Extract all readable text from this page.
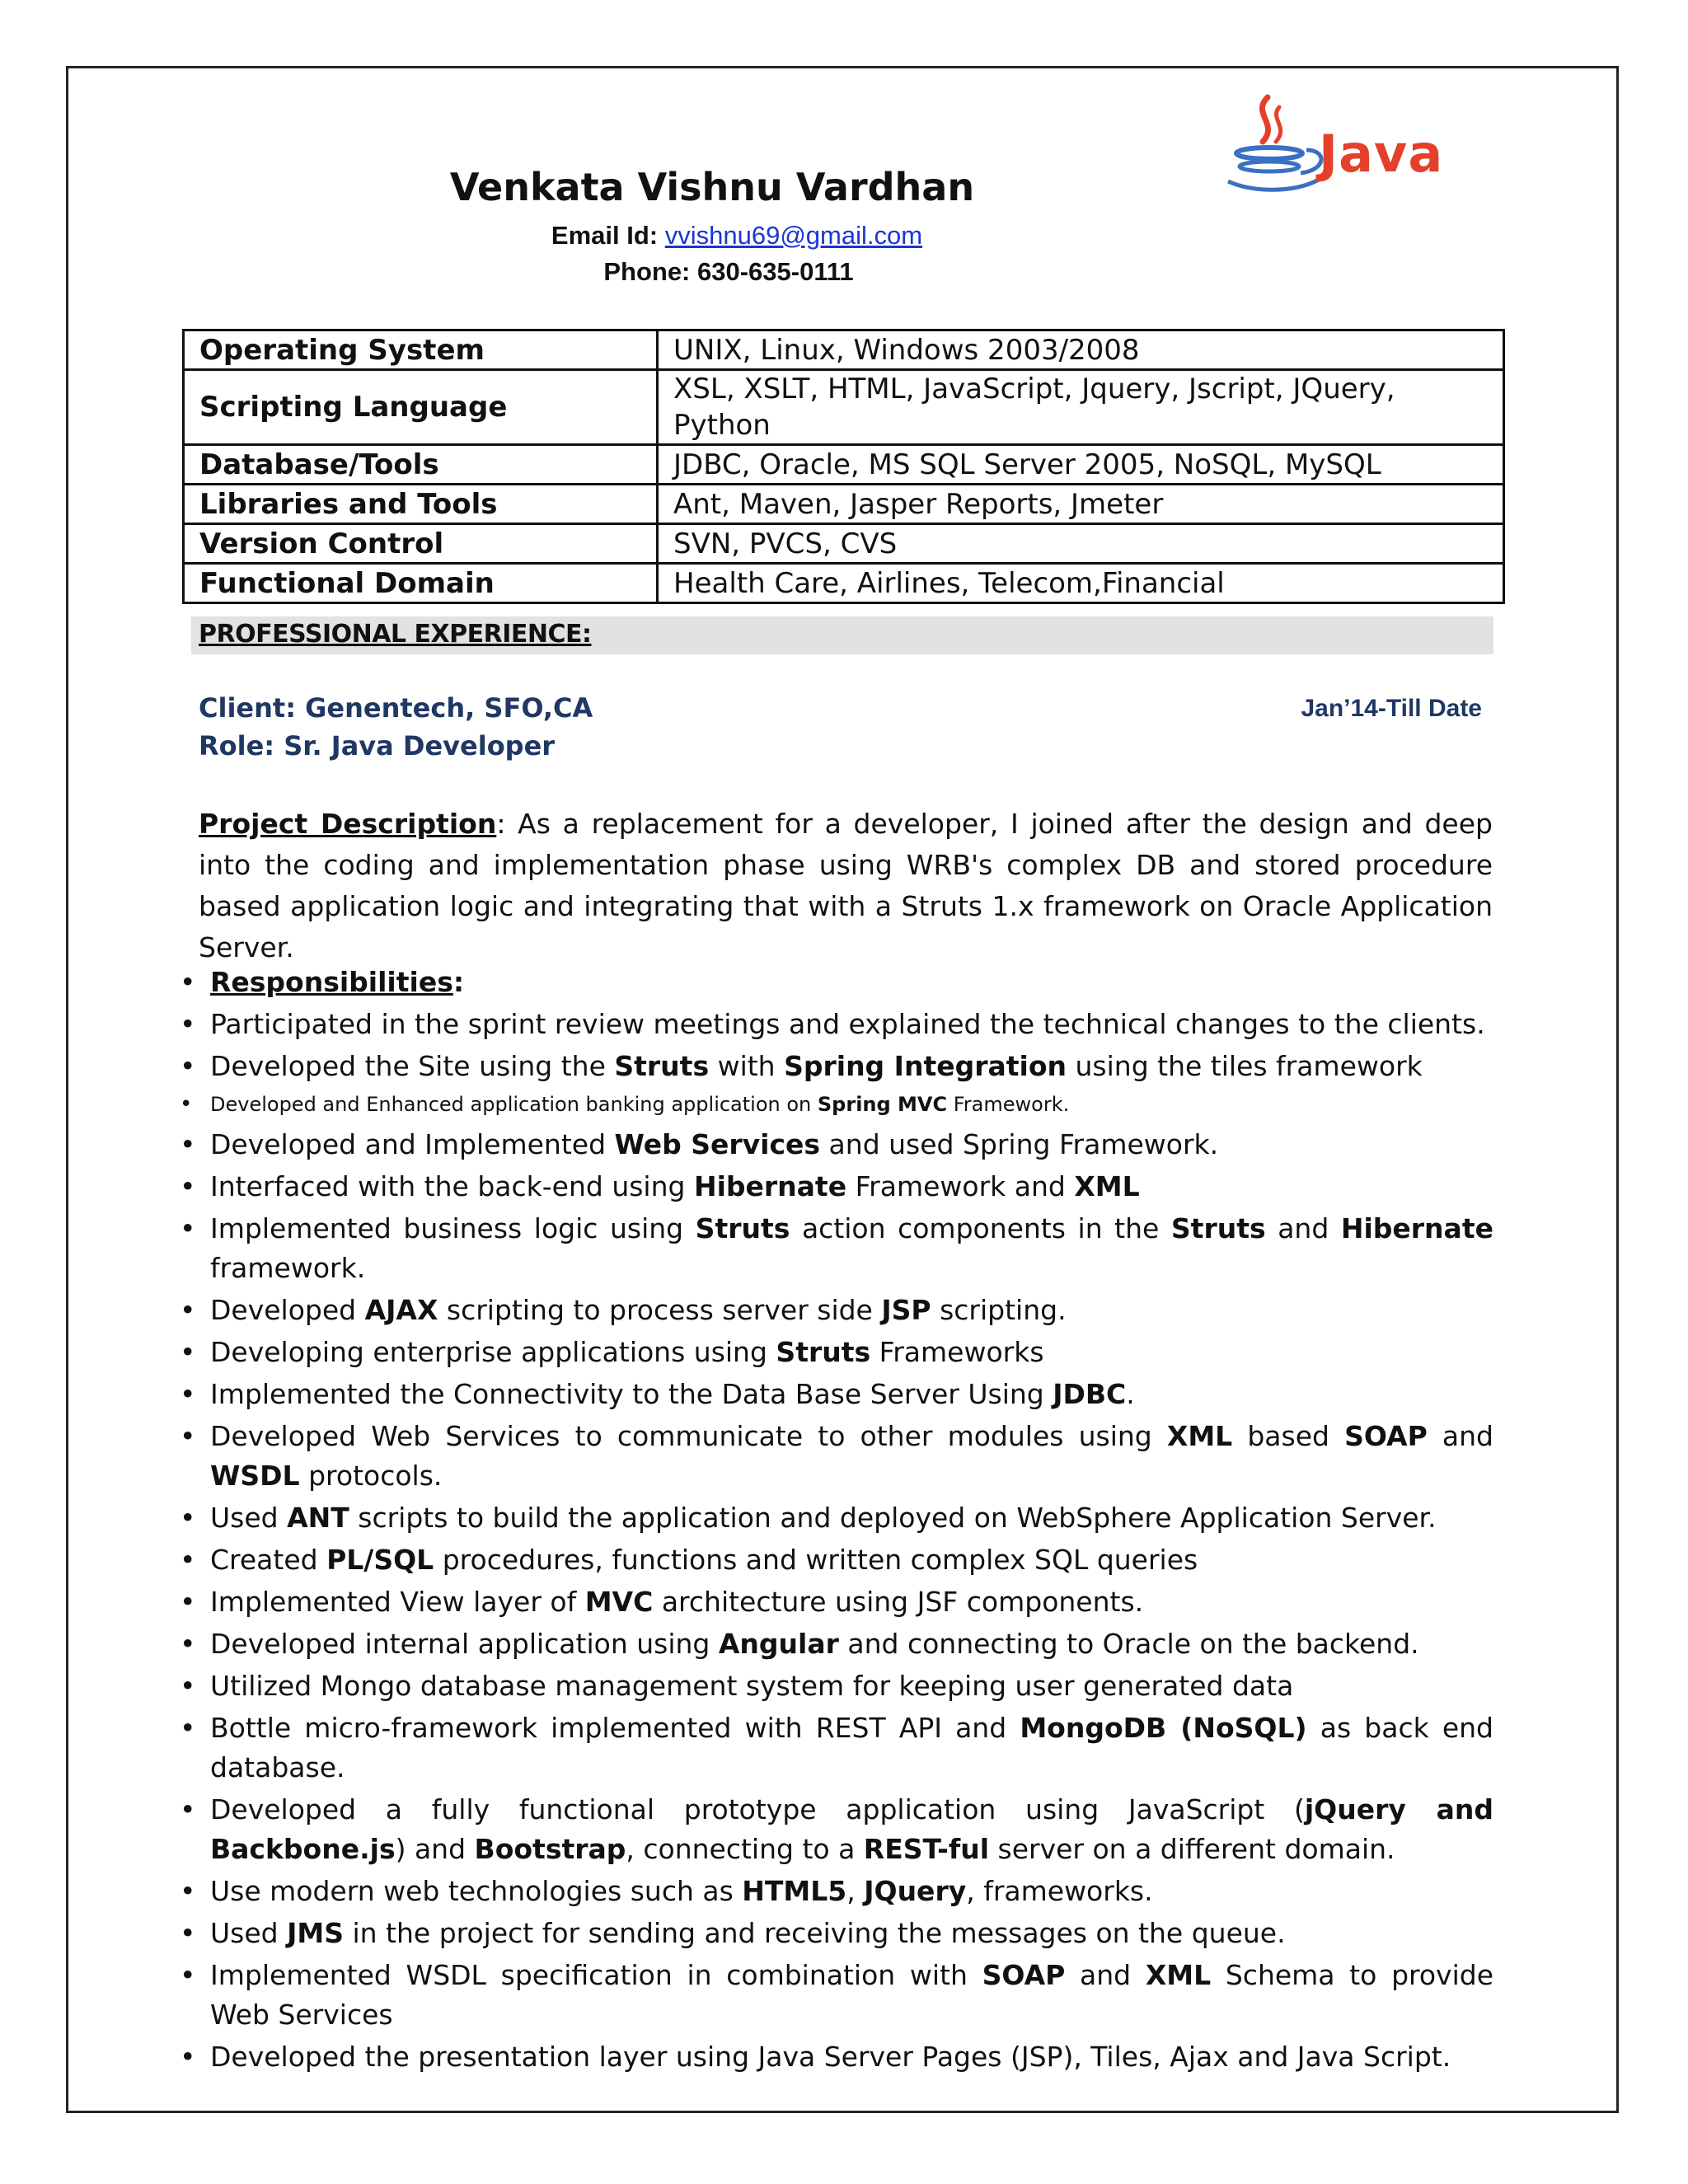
Java
Venkata Vishnu Vardhan
Email Id: vvishnu69@gmail.com
Phone: 630-635-0111
Operating System	UNIX, Linux, Windows 2003/2008
Scripting Language	XSL, XSLT, HTML, JavaScript, Jquery, Jscript, JQuery, Python
Database/Tools	JDBC, Oracle, MS SQL Server 2005, NoSQL, MySQL
Libraries and Tools	Ant, Maven, Jasper Reports, Jmeter
Version Control	SVN, PVCS, CVS
Functional Domain	Health Care, Airlines, Telecom,Financial
PROFESSIONAL EXPERIENCE:
Client: Genentech, SFO,CA	Jan’14-Till Date
Role: Sr. Java Developer
Project Description: As a replacement for a developer, I joined after the design and deep into the coding and implementation phase using WRB's complex DB and stored procedure based application logic and integrating that with a Struts 1.x framework on Oracle Application Server.
• Responsibilities:
• Participated in the sprint review meetings and explained the technical changes to the clients.
• Developed the Site using the Struts with Spring Integration using the tiles framework
• Developed and Enhanced application banking application on Spring MVC Framework.
• Developed and Implemented Web Services and used Spring Framework.
• Interfaced with the back-end using Hibernate Framework and XML
• Implemented business logic using Struts action components in the Struts and Hibernate framework.
• Developed AJAX scripting to process server side JSP scripting.
• Developing enterprise applications using Struts Frameworks
• Implemented the Connectivity to the Data Base Server Using JDBC.
• Developed Web Services to communicate to other modules using XML based SOAP and WSDL protocols.
• Used ANT scripts to build the application and deployed on WebSphere Application Server.
• Created PL/SQL procedures, functions and written complex SQL queries
• Implemented View layer of MVC architecture using JSF components.
• Developed internal application using Angular and connecting to Oracle on the backend.
• Utilized Mongo database management system for keeping user generated data
• Bottle micro-framework implemented with REST API and MongoDB (NoSQL) as back end database.
• Developed a fully functional prototype application using JavaScript (jQuery and Backbone.js) and Bootstrap, connecting to a REST-ful server on a different domain.
• Use modern web technologies such as HTML5, JQuery, frameworks.
• Used JMS in the project for sending and receiving the messages on the queue.
• Implemented WSDL specification in combination with SOAP and XML Schema to provide Web Services
• Developed the presentation layer using Java Server Pages (JSP), Tiles, Ajax and Java Script.
